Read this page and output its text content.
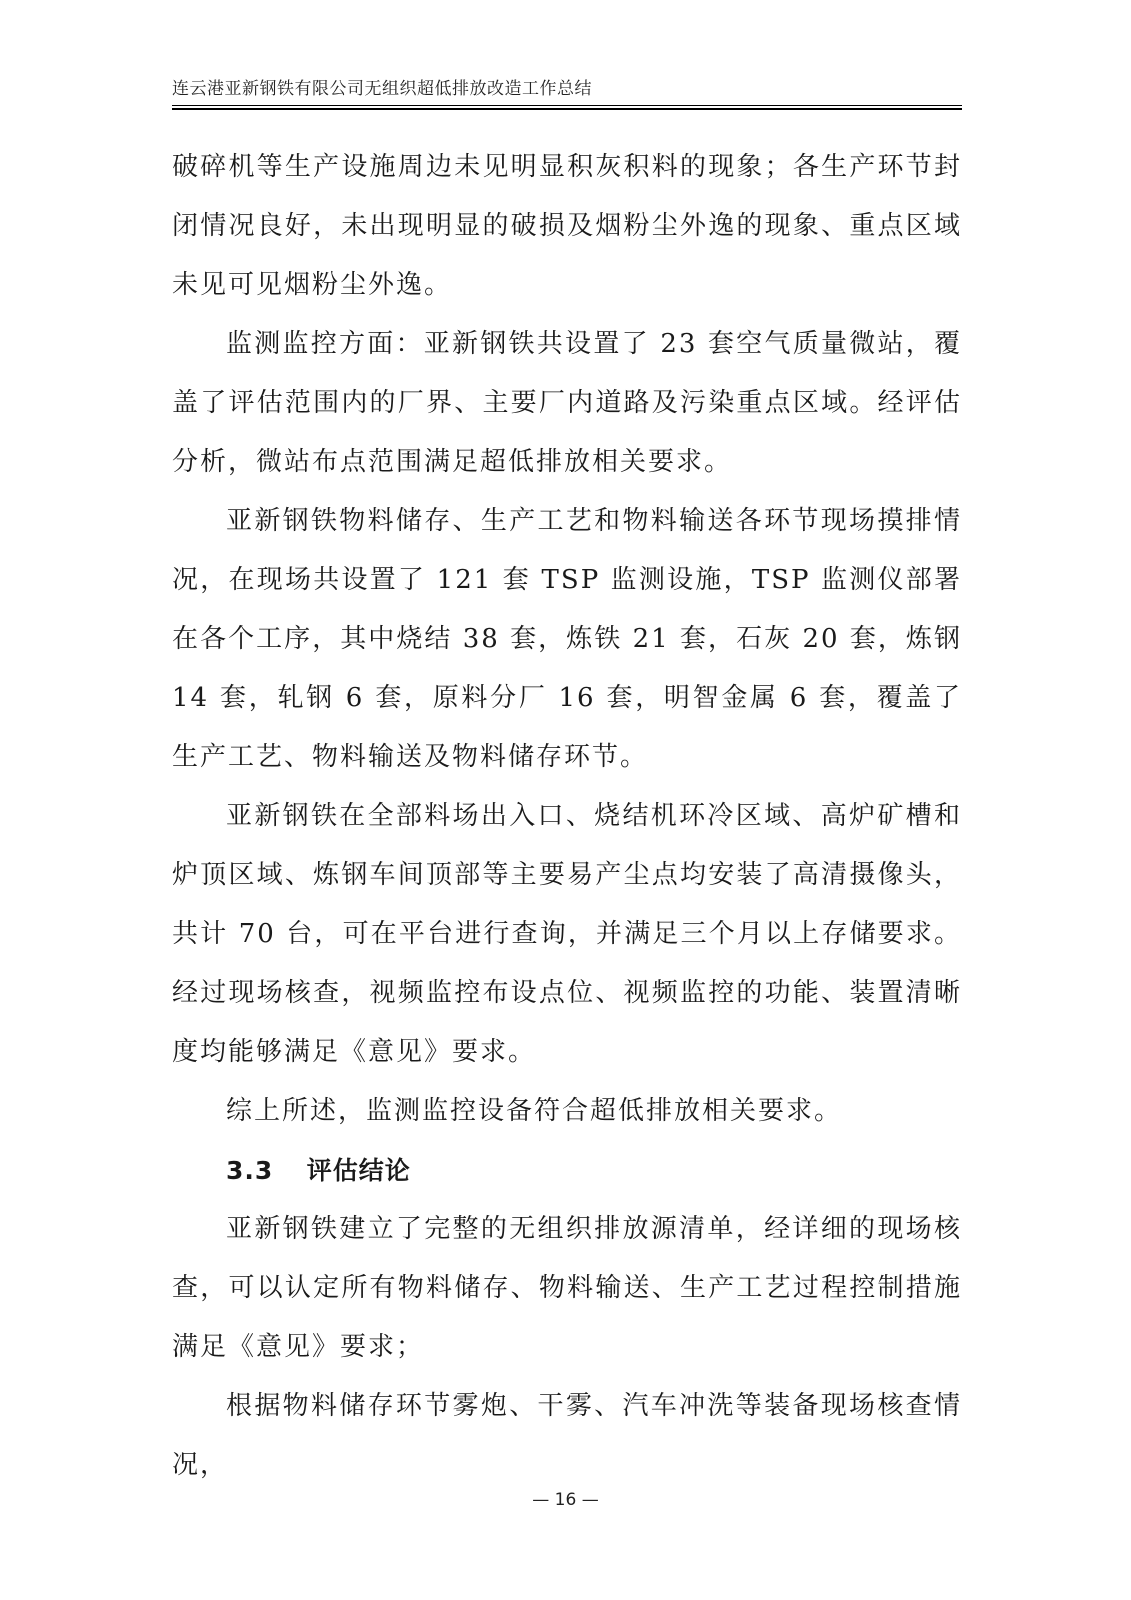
连云港亚新钢铁有限公司无组织超低排放改造工作总结

破碎机等生产设施周边未见明显积灰积料的现象；各生产环节封闭情况良好，未出现明显的破损及烟粉尘外逸的现象、重点区域未见可见烟粉尘外逸。

监测监控方面：亚新钢铁共设置了 23 套空气质量微站，覆盖了评估范围内的厂界、主要厂内道路及污染重点区域。经评估分析，微站布点范围满足超低排放相关要求。

亚新钢铁物料储存、生产工艺和物料输送各环节现场摸排情况，在现场共设置了 121 套 TSP 监测设施，TSP 监测仪部署在各个工序，其中烧结 38 套，炼铁 21 套，石灰 20 套，炼钢 14 套，轧钢 6 套，原料分厂 16 套，明智金属 6 套，覆盖了生产工艺、物料输送及物料储存环节。

亚新钢铁在全部料场出入口、烧结机环冷区域、高炉矿槽和炉顶区域、炼钢车间顶部等主要易产尘点均安装了高清摄像头，共计 70 台，可在平台进行查询，并满足三个月以上存储要求。经过现场核查，视频监控布设点位、视频监控的功能、装置清晰度均能够满足《意见》要求。

综上所述，监测监控设备符合超低排放相关要求。

3.3 评估结论

亚新钢铁建立了完整的无组织排放源清单，经详细的现场核查，可以认定所有物料储存、物料输送、生产工艺过程控制措施满足《意见》要求；

根据物料储存环节雾炮、干雾、汽车冲洗等装备现场核查情况，

— 16 —
